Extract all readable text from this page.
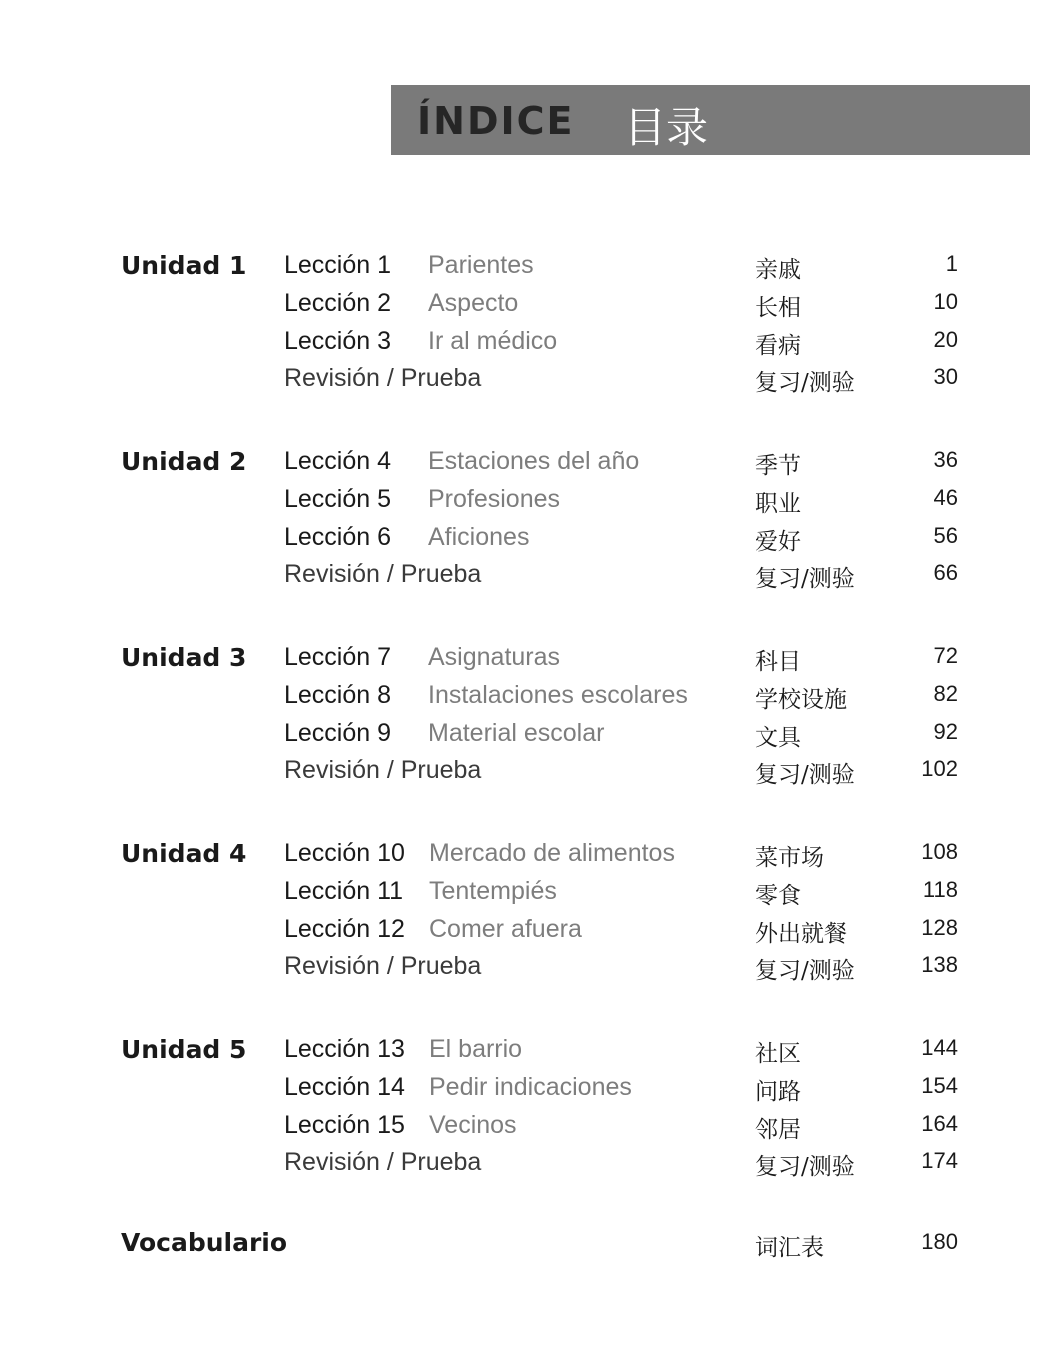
ÍNDICE 目录
Unidad 1 Lección 1 Parientes	亲戚	1
Lección 2 Aspecto	长相	10
Lección 3 Ir al médico	看病	20
Revisión / Prueba	复习/测验	30
Unidad 2 Lección 4 Estaciones del año	季节	36
Lección 5 Profesiones	职业	46
Lección 6 Aficiones	爱好	56
Revisión / Prueba	复习/测验	66
Unidad 3 Lección 7 Asignaturas	科目	72
Lección 8 Instalaciones escolares	学校设施	82
Lección 9 Material escolar	文具	92
Revisión / Prueba	复习/测验	102
Unidad 4 Lección 10 Mercado de alimentos	菜市场	108
Lección 11 Tentempiés	零食	118
Lección 12 Comer afuera	外出就餐	128
Revisión / Prueba	复习/测验	138
Unidad 5 Lección 13 El barrio	社区	144
Lección 14 Pedir indicaciones	问路	154
Lección 15 Vecinos	邻居	164
Revisión / Prueba	复习/测验	174
Vocabulario	词汇表	180
